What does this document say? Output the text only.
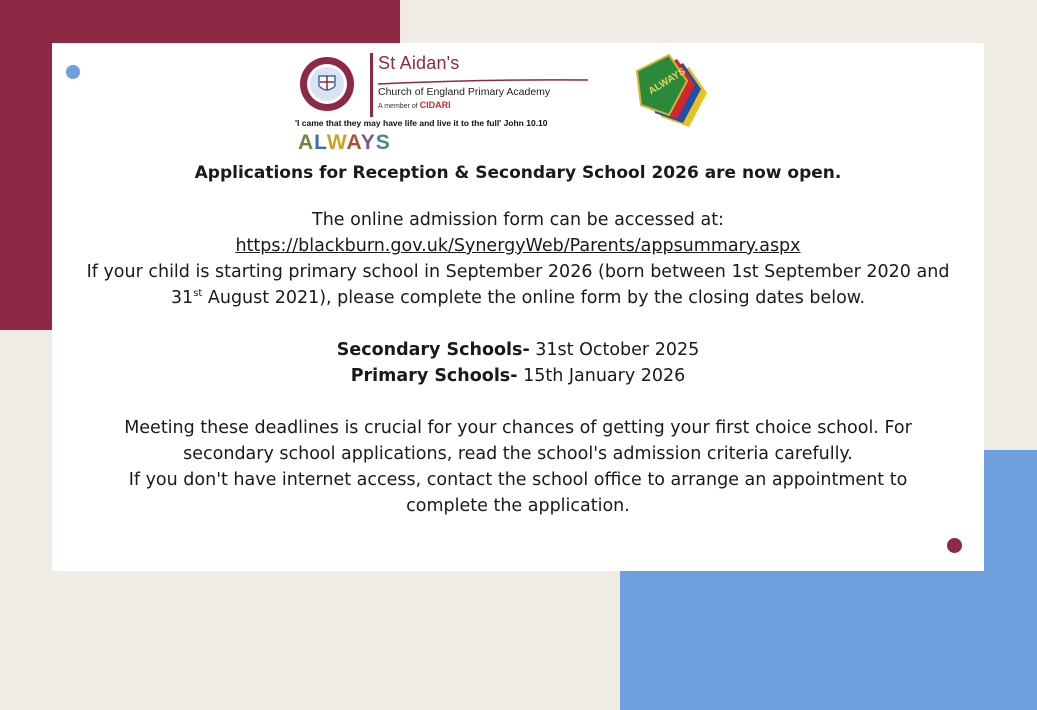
St Aidan's
Church of England Primary Academy
A member of CIDARI
'I came that they may have life and live it to the full' John 10.10
ALWAYS
ALWAYS

Applications for Reception & Secondary School 2026 are now open.

The online admission form can be accessed at:

https://blackburn.gov.uk/SynergyWeb/Parents/appsummary.aspx

If your child is starting primary school in September 2026 (born between 1st September 2020 and

31st August 2021), please complete the online form by the closing dates below.

Secondary Schools- 31st October 2025

Primary Schools- 15th January 2026

Meeting these deadlines is crucial for your chances of getting your first choice school. For

secondary school applications, read the school's admission criteria carefully.

If you don't have internet access, contact the school office to arrange an appointment to

complete the application.
